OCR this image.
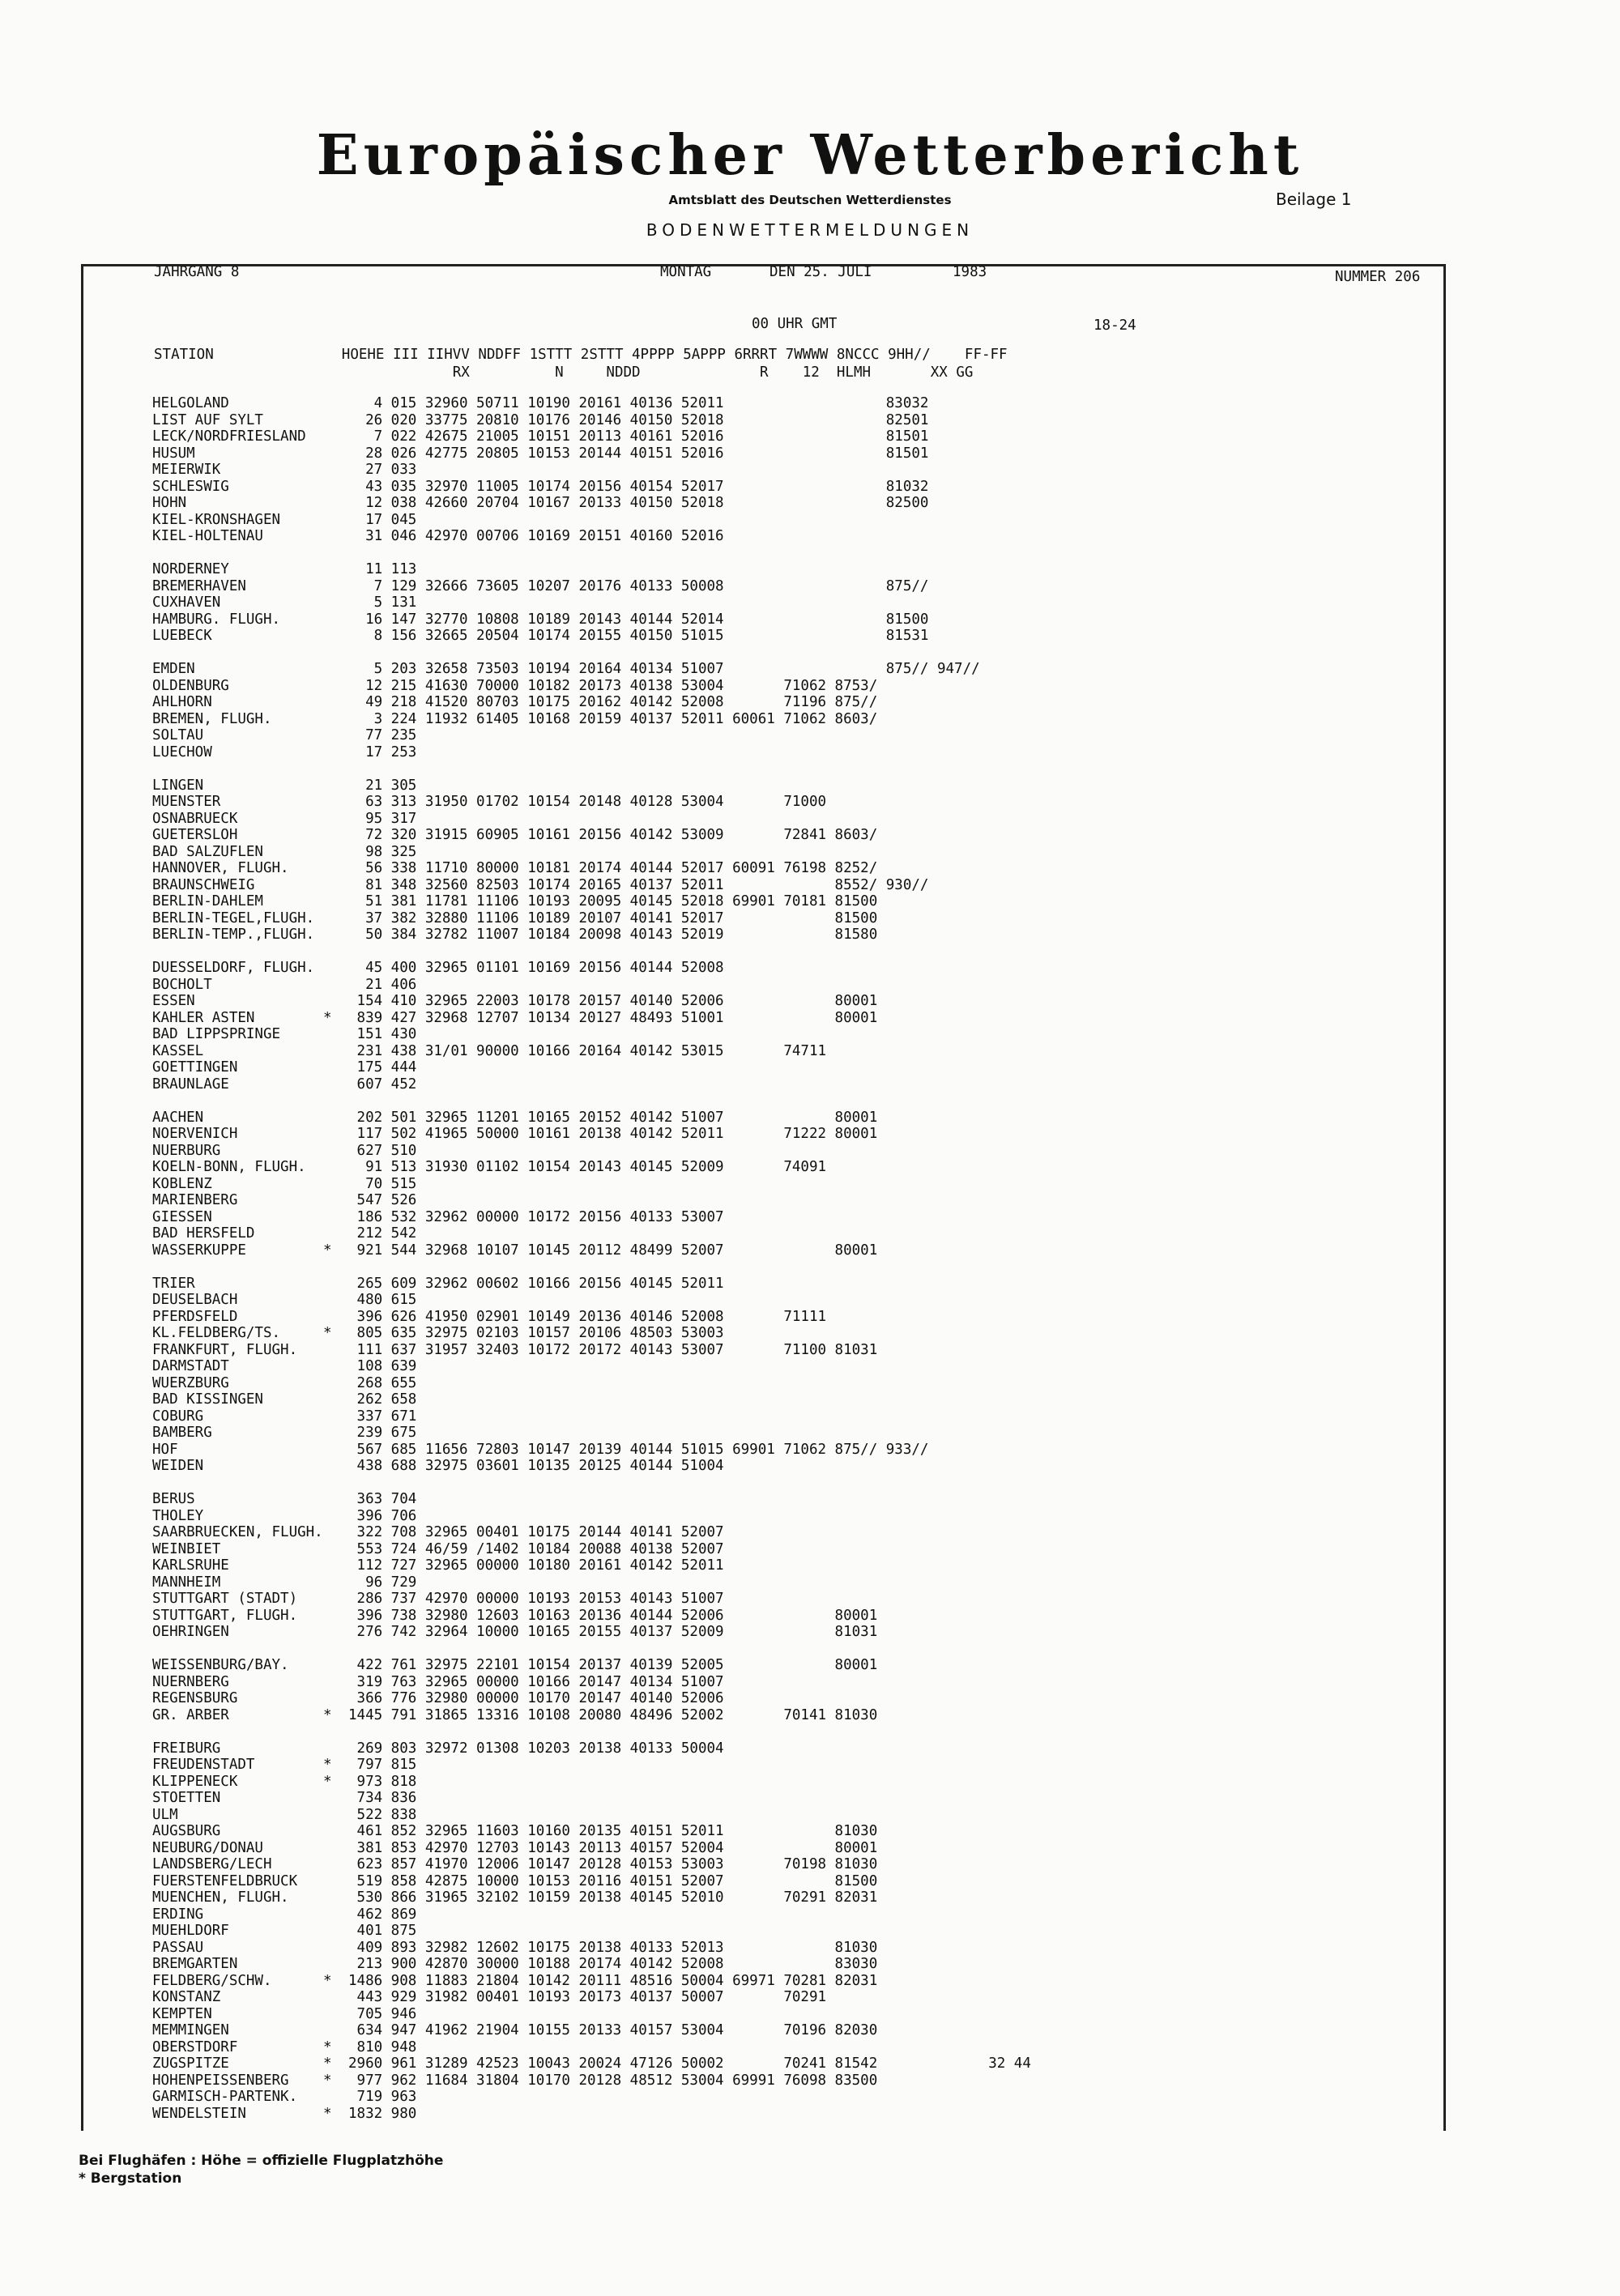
Europäischer Wetterbericht
Amtsblatt des Deutschen Wetterdienstes	Beilage 1
BODENWETTERMELDUNGEN
JAHRGANG 8	MONTAG	DEN 25. JULI	1983	NUMMER 206
00 UHR GMT	18-24
STATION               HOEHE III IIHVV NDDFF 1STTT 2STTT 4PPPP 5APPP 6RRRT 7WWWW 8NCCC 9HH//    FF-FF
RX          N     NDDD              R    12  HLMH       XX GG
HELGOLAND	4 015 32960 50711 10190 20161 40136 52011                   83032
LIST AUF SYLT	26 020 33775 20810 10176 20146 40150 52018                   82501
LECK/NORDFRIESLAND	7 022 42675 21005 10151 20113 40161 52016                   81501
HUSUM	28 026 42775 20805 10153 20144 40151 52016                   81501
MEIERWIK	27 033
SCHLESWIG	43 035 32970 11005 10174 20156 40154 52017                   81032
HOHN	12 038 42660 20704 10167 20133 40150 52018                   82500
KIEL-KRONSHAGEN	17 045
KIEL-HOLTENAU	31 046 42970 00706 10169 20151 40160 52016
NORDERNEY	11 113
BREMERHAVEN	7 129 32666 73605 10207 20176 40133 50008                   875//
CUXHAVEN	5 131
HAMBURG. FLUGH.	16 147 32770 10808 10189 20143 40144 52014                   81500
LUEBECK	8 156 32665 20504 10174 20155 40150 51015                   81531
EMDEN	5 203 32658 73503 10194 20164 40134 51007                   875// 947//
OLDENBURG	12 215 41630 70000 10182 20173 40138 53004       71062 8753/
AHLHORN	49 218 41520 80703 10175 20162 40142 52008       71196 875//
BREMEN, FLUGH.	3 224 11932 61405 10168 20159 40137 52011 60061 71062 8603/
SOLTAU	77 235
LUECHOW	17 253
LINGEN	21 305
MUENSTER	63 313 31950 01702 10154 20148 40128 53004       71000
OSNABRUECK	95 317
GUETERSLOH	72 320 31915 60905 10161 20156 40142 53009       72841 8603/
BAD SALZUFLEN	98 325
HANNOVER, FLUGH.	56 338 11710 80000 10181 20174 40144 52017 60091 76198 8252/
BRAUNSCHWEIG	81 348 32560 82503 10174 20165 40137 52011             8552/ 930//
BERLIN-DAHLEM	51 381 11781 11106 10193 20095 40145 52018 69901 70181 81500
BERLIN-TEGEL,FLUGH. 37 382 32880 11106 10189 20107 40141 52017             81500
BERLIN-TEMP.,FLUGH. 50 384 32782 11007 10184 20098 40143 52019             81580
DUESSELDORF, FLUGH. 45 400 32965 01101 10169 20156 40144 52008
BOCHOLT	21 406
ESSEN	154 410 32965 22003 10178 20157 40140 52006             80001
KAHLER ASTEN	* 839 427 32968 12707 10134 20127 48493 51001             80001
BAD LIPPSPRINGE	151 430
KASSEL	231 438 31/01 90000 10166 20164 40142 53015       74711
GOETTINGEN	175 444
BRAUNLAGE	607 452
AACHEN	202 501 32965 11201 10165 20152 40142 51007             80001
NOERVENICH	117 502 41965 50000 10161 20138 40142 52011       71222 80001
NUERBURG	627 510
KOELN-BONN, FLUGH.	91 513 31930 01102 10154 20143 40145 52009       74091
KOBLENZ	70 515
MARIENBERG	547 526
GIESSEN	186 532 32962 00000 10172 20156 40133 53007
BAD HERSFELD	212 542
WASSERKUPPE	* 921 544 32968 10107 10145 20112 48499 52007             80001
TRIER	265 609 32962 00602 10166 20156 40145 52011
DEUSELBACH	480 615
PFERDSFELD	396 626 41950 02901 10149 20136 40146 52008       71111
KL.FELDBERG/TS.	* 805 635 32975 02103 10157 20106 48503 53003
FRANKFURT, FLUGH.	111 637 31957 32403 10172 20172 40143 53007       71100 81031
DARMSTADT	108 639
WUERZBURG	268 655
BAD KISSINGEN	262 658
COBURG	337 671
BAMBERG	239 675
HOF	567 685 11656 72803 10147 20139 40144 51015 69901 71062 875// 933//
WEIDEN	438 688 32975 03601 10135 20125 40144 51004
BERUS	363 704
THOLEY	396 706
SAARBRUECKEN, FLUGH. 322 708 32965 00401 10175 20144 40141 52007
WEINBIET	553 724 46/59 /1402 10184 20088 40138 52007
KARLSRUHE	112 727 32965 00000 10180 20161 40142 52011
MANNHEIM	96 729
STUTTGART (STADT)	286 737 42970 00000 10193 20153 40143 51007
STUTTGART, FLUGH.	396 738 32980 12603 10163 20136 40144 52006             80001
OEHRINGEN	276 742 32964 10000 10165 20155 40137 52009             81031
WEISSENBURG/BAY.	422 761 32975 22101 10154 20137 40139 52005             80001
NUERNBERG	319 763 32965 00000 10166 20147 40134 51007
REGENSBURG	366 776 32980 00000 10170 20147 40140 52006
GR. ARBER	* 1445 791 31865 13316 10108 20080 48496 52002       70141 81030
FREIBURG	269 803 32972 01308 10203 20138 40133 50004
FREUDENSTADT	* 797 815
KLIPPENECK	* 973 818
STOETTEN	734 836
ULM	522 838
AUGSBURG	461 852 32965 11603 10160 20135 40151 52011             81030
NEUBURG/DONAU	381 853 42970 12703 10143 20113 40157 52004             80001
LANDSBERG/LECH	623 857 41970 12006 10147 20128 40153 53003       70198 81030
FUERSTENFELDBRUCK	519 858 42875 10000 10153 20116 40151 52007             81500
MUENCHEN, FLUGH.	530 866 31965 32102 10159 20138 40145 52010       70291 82031
ERDING	462 869
MUEHLDORF	401 875
PASSAU	409 893 32982 12602 10175 20138 40133 52013             81030
BREMGARTEN	213 900 42870 30000 10188 20174 40142 52008             83030
FELDBERG/SCHW.	* 1486 908 11883 21804 10142 20111 48516 50004 69971 70281 82031
KONSTANZ	443 929 31982 00401 10193 20173 40137 50007       70291
KEMPTEN	705 946
MEMMINGEN	634 947 41962 21904 10155 20133 40157 53004       70196 82030
OBERSTDORF	* 810 948
ZUGSPITZE	* 2960 961 31289 42523 10043 20024 47126 50002       70241 81542             32 44
HOHENPEISSENBERG * 977 962 11684 31804 10170 20128 48512 53004 69991 76098 83500
GARMISCH-PARTENK.	719 963
WENDELSTEIN	* 1832 980
Bei Flughäfen : Höhe = offizielle Flugplatzhöhe
* Bergstation
